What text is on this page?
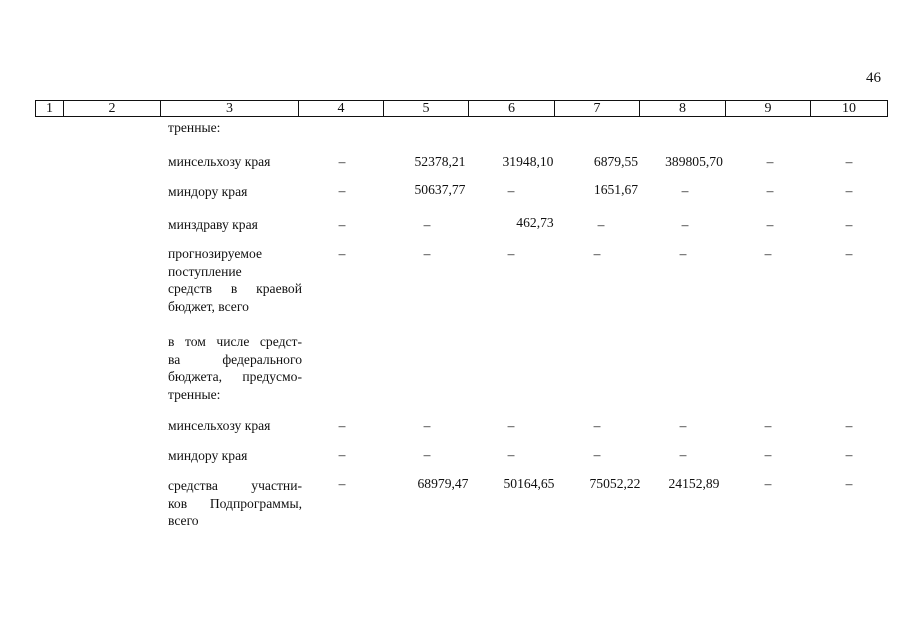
46
1	2	3	4	5	6	7	8	9	10
тренные:
минсельхозу края	–	52378,21	31948,10	6879,55	389805,70	–	–
миндору края	–	50637,77	–	1651,67	–	–	–
минздраву края	–	–	462,73	–	–	–	–
прогнозируемое
поступление
средств в краевой
бюджет, всего
–	–	–	–	–	–	–
в том числе средст-
ва федерального
бюджета, предусмо-
тренные:
минсельхозу края	–	–	–	–	–	–	–
миндору края	–	–	–	–	–	–	–
средства участни-
ков Подпрограммы,
всего
–	68979,47	50164,65	75052,22	24152,89	–	–
